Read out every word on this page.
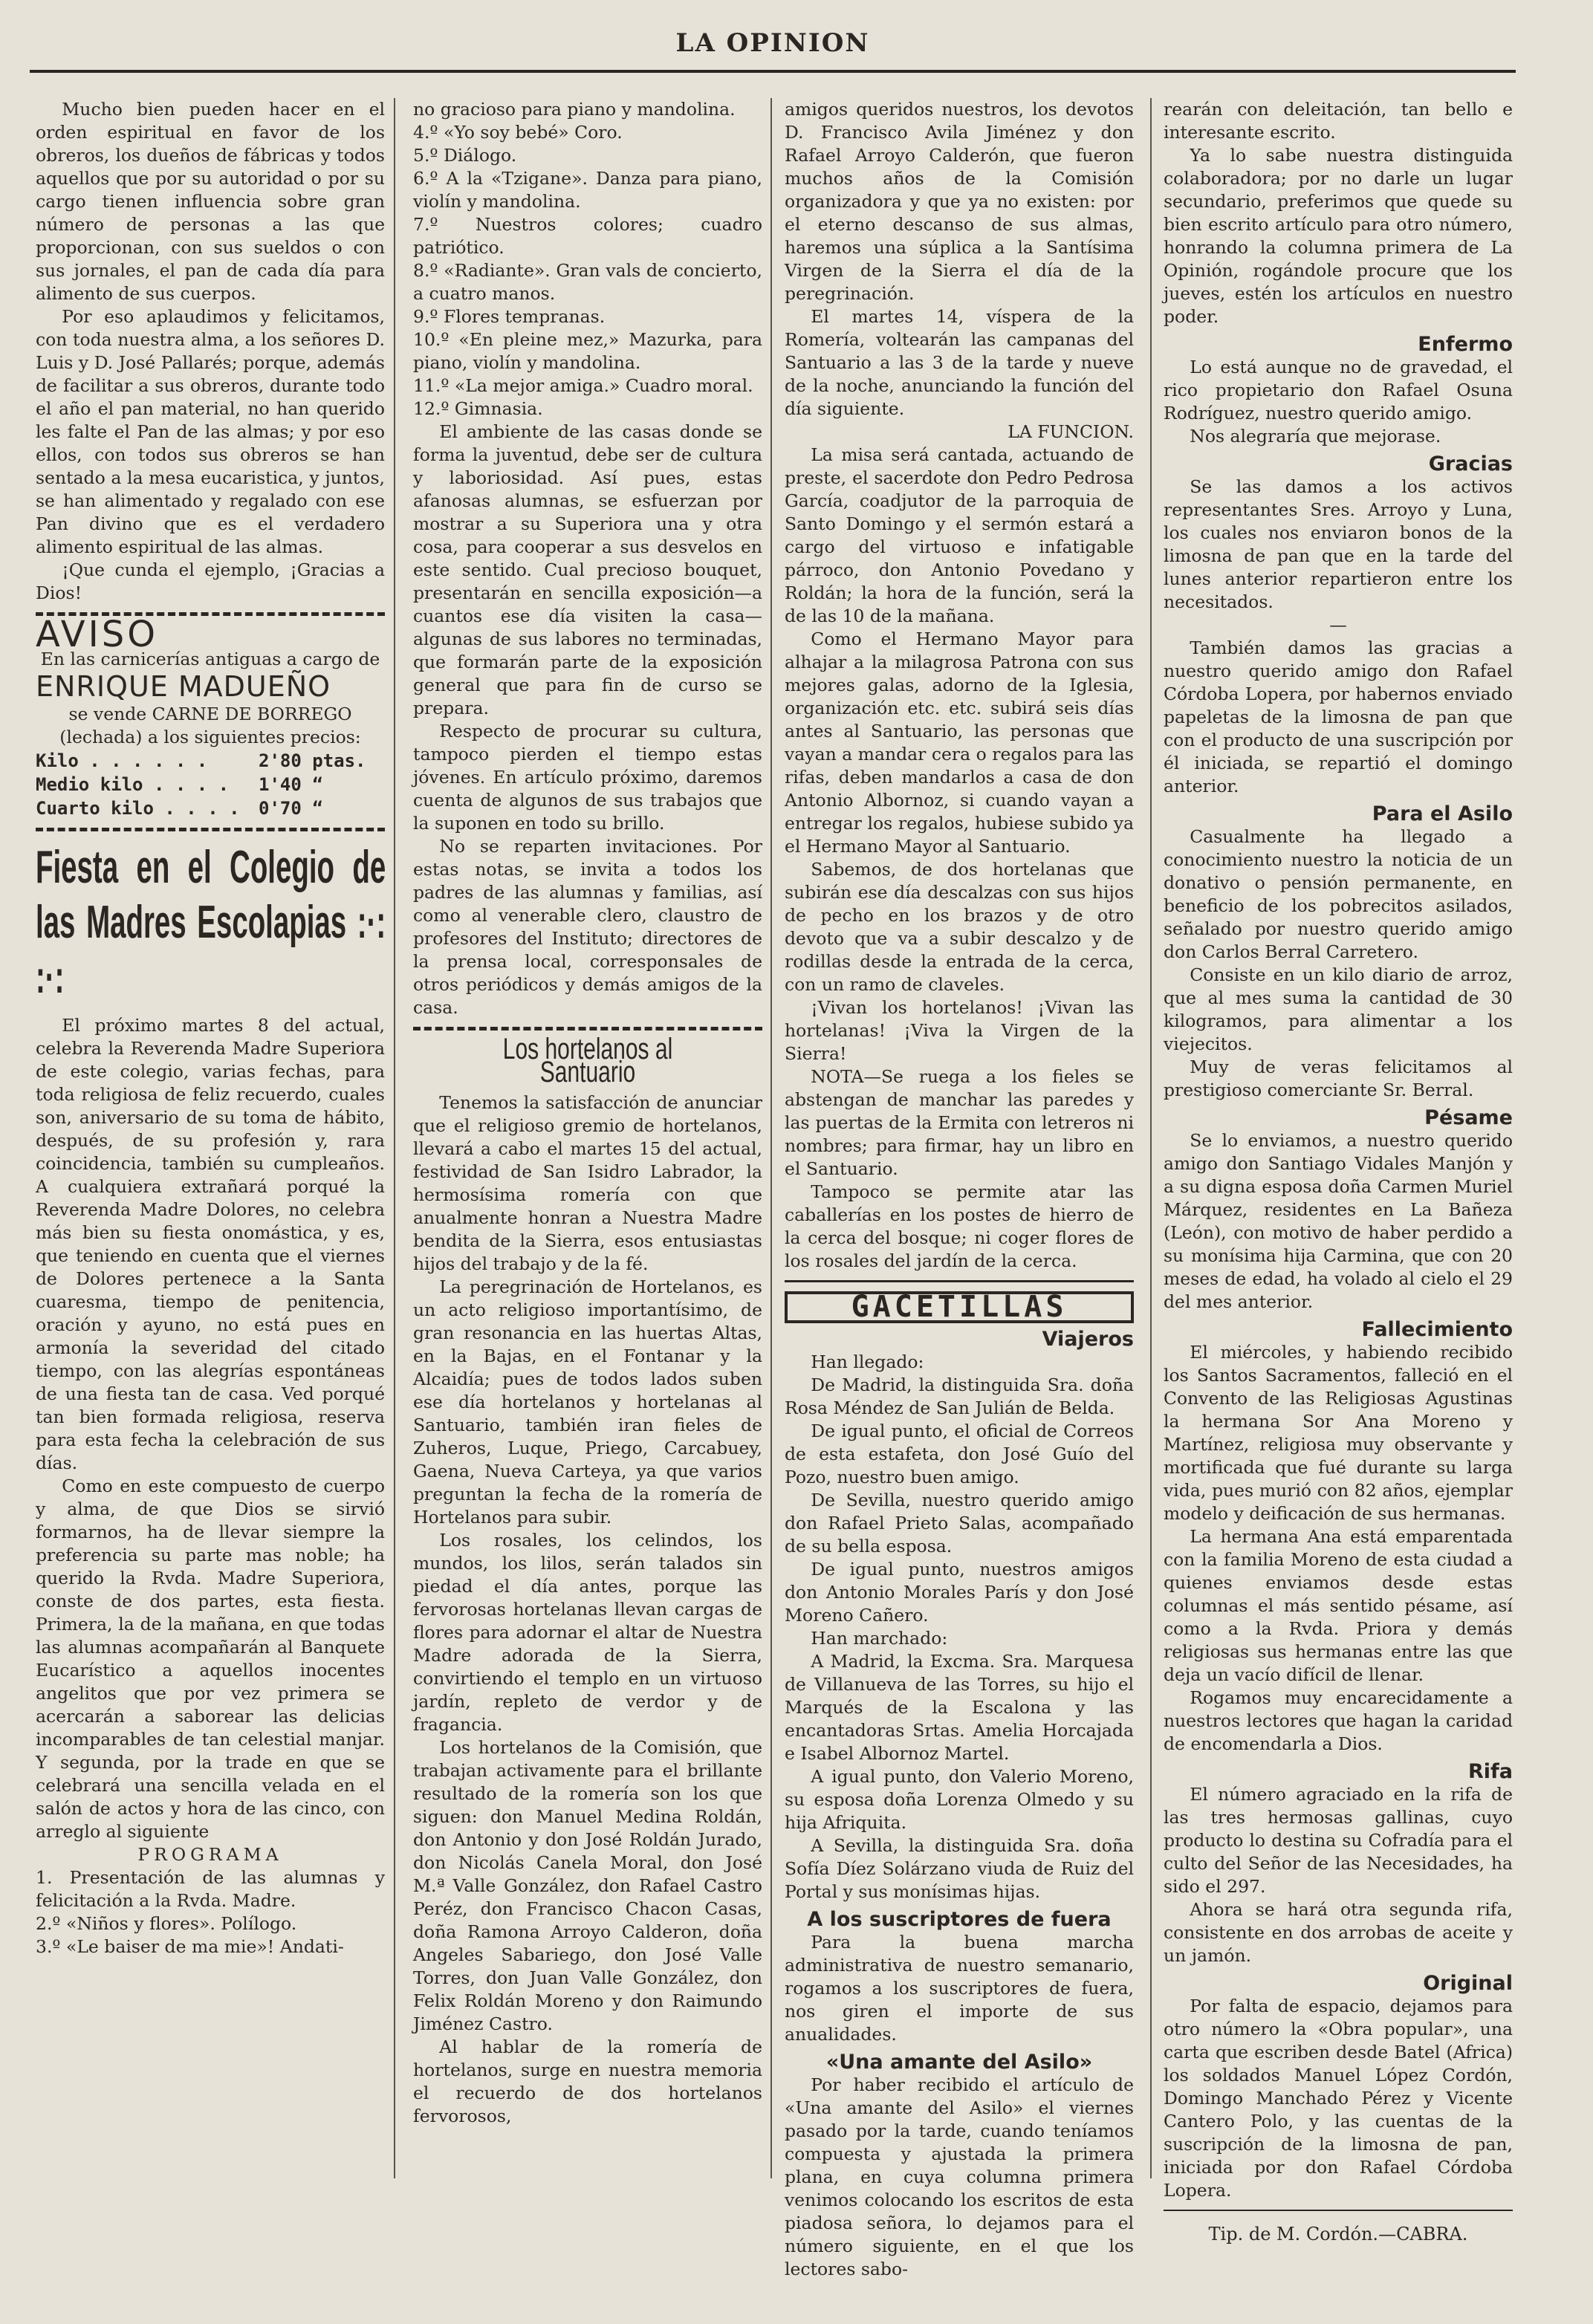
LA OPINION

Mucho bien pueden hacer en el orden espiritual en favor de los obreros, los dueños de fábricas y todos aquellos que por su autoridad o por su cargo tienen influencia sobre gran número de personas a las que proporcionan, con sus sueldos o con sus jornales, el pan de cada día para alimento de sus cuerpos.

Por eso aplaudimos y felicitamos, con toda nuestra alma, a los señores D. Luis y D. José Pallarés; porque, además de facilitar a sus obreros, durante todo el año el pan material, no han querido les falte el Pan de las almas; y por eso ellos, con todos sus obreros se han sentado a la mesa eucaristica, y juntos, se han alimentado y regalado con ese Pan divino que es el verdadero alimento espiritual de las almas.

¡Que cunda el ejemplo, ¡Gracias a Dios!

AVISO

En las carnicerías antiguas a cargo de

ENRIQUE MADUEÑO

se vende CARNE DE BORREGO (lechada) a los siguientes precios:

Kilo . . . . . .	2'80 ptas.
Medio kilo . . . . 1'40 “
Cuarto kilo . . . . 0'70 “
Fiesta en el Colegio de las Madres Escolapias :·: :·:

El próximo martes 8 del actual, celebra la Reverenda Madre Superiora de este colegio, varias fechas, para toda religiosa de feliz recuerdo, cuales son, aniversario de su toma de hábito, después, de su profesión y, rara coincidencia, también su cumpleaños. A cualquiera extrañará porqué la Reverenda Madre Dolores, no celebra más bien su fiesta onomástica, y es, que teniendo en cuenta que el viernes de Dolores pertenece a la Santa cuaresma, tiempo de penitencia, oración y ayuno, no está pues en armonía la severidad del citado tiempo, con las alegrías espontáneas de una fiesta tan de casa. Ved porqué tan bien formada religiosa, reserva para esta fecha la celebración de sus días.

Como en este compuesto de cuerpo y alma, de que Dios se sirvió formarnos, ha de llevar siempre la preferencia su parte mas noble; ha querido la Rvda. Madre Superiora, conste de dos partes, esta fiesta. Primera, la de la mañana, en que todas las alumnas acompañarán al Banquete Eucarístico a aquellos inocentes angelitos que por vez primera se acercarán a saborear las delicias incomparables de tan celestial manjar. Y segunda, por la trade en que se celebrará una sencilla velada en el salón de actos y hora de las cinco, con arreglo al siguiente

PROGRAMA

1. Presentación de las alumnas y felicitación a la Rvda. Madre.

2.º «Niños y flores». Polílogo.

3.º «Le baiser de ma mie»! Andati-

no gracioso para piano y mandolina.

4.º «Yo soy bebé» Coro.

5.º Diálogo.

6.º A la «Tzigane». Danza para piano, violín y mandolina.

7.º Nuestros colores; cuadro patriótico.

8.º «Radiante». Gran vals de concierto, a cuatro manos.

9.º Flores tempranas.

10.º «En pleine mez,» Mazurka, para piano, violín y mandolina.

11.º «La mejor amiga.» Cuadro moral.

12.º Gimnasia.

El ambiente de las casas donde se forma la juventud, debe ser de cultura y laboriosidad. Así pues, estas afanosas alumnas, se esfuerzan por mostrar a su Superiora una y otra cosa, para cooperar a sus desvelos en este sentido. Cual precioso bouquet, presentarán en sencilla exposición—a cuantos ese día visiten la casa—algunas de sus labores no terminadas, que formarán parte de la exposición general que para fin de curso se prepara.

Respecto de procurar su cultura, tampoco pierden el tiempo estas jóvenes. En artículo próximo, daremos cuenta de algunos de sus trabajos que la suponen en todo su brillo.

No se reparten invitaciones. Por estas notas, se invita a todos los padres de las alumnas y familias, así como al venerable clero, claustro de profesores del Instituto; directores de la prensa local, corresponsales de otros periódicos y demás amigos de la casa.

Los hortelanos al Santuario

Tenemos la satisfacción de anunciar que el religioso gremio de hortelanos, llevará a cabo el martes 15 del actual, festividad de San Isidro Labrador, la hermosísima romería con que anualmente honran a Nuestra Madre bendita de la Sierra, esos entusiastas hijos del trabajo y de la fé.

La peregrinación de Hortelanos, es un acto religioso importantísimo, de gran resonancia en las huertas Altas, en la Bajas, en el Fontanar y la Alcaidía; pues de todos lados suben ese día hortelanos y hortelanas al Santuario, también iran fieles de Zuheros, Luque, Priego, Carcabuey, Gaena, Nueva Carteya, ya que varios preguntan la fecha de la romería de Hortelanos para subir.

Los rosales, los celindos, los mundos, los lilos, serán talados sin piedad el día antes, porque las fervorosas hortelanas llevan cargas de flores para adornar el altar de Nuestra Madre adorada de la Sierra, convirtiendo el templo en un virtuoso jardín, repleto de verdor y de fragancia.

Los hortelanos de la Comisión, que trabajan activamente para el brillante resultado de la romería son los que siguen: don Manuel Medina Roldán, don Antonio y don José Roldán Jurado, don Nicolás Canela Moral, don José M.ª Valle González, don Rafael Castro Peréz, don Francisco Chacon Casas, doña Ramona Arroyo Calderon, doña Angeles Sabariego, don José Valle Torres, don Juan Valle González, don Felix Roldán Moreno y don Raimundo Jiménez Castro.

Al hablar de la romería de hortelanos, surge en nuestra memoria el recuerdo de dos hortelanos fervorosos,

amigos queridos nuestros, los devotos D. Francisco Avila Jiménez y don Rafael Arroyo Calderón, que fueron muchos años de la Comisión organizadora y que ya no existen: por el eterno descanso de sus almas, haremos una súplica a la Santísima Virgen de la Sierra el día de la peregrinación.

El martes 14, víspera de la Romería, voltearán las campanas del Santuario a las 3 de la tarde y nueve de la noche, anunciando la función del día siguiente.

LA FUNCION.

La misa será cantada, actuando de preste, el sacerdote don Pedro Pedrosa García, coadjutor de la parroquia de Santo Domingo y el sermón estará a cargo del virtuoso e infatigable párroco, don Antonio Povedano y Roldán; la hora de la función, será la de las 10 de la mañana.

Como el Hermano Mayor para alhajar a la milagrosa Patrona con sus mejores galas, adorno de la Iglesia, organización etc. etc. subirá seis días antes al Santuario, las personas que vayan a mandar cera o regalos para las rifas, deben mandarlos a casa de don Antonio Albornoz, si cuando vayan a entregar los regalos, hubiese subido ya el Hermano Mayor al Santuario.

Sabemos, de dos hortelanas que subirán ese día descalzas con sus hijos de pecho en los brazos y de otro devoto que va a subir descalzo y de rodillas desde la entrada de la cerca, con un ramo de claveles.

¡Vivan los hortelanos! ¡Vivan las hortelanas! ¡Viva la Virgen de la Sierra!

NOTA—Se ruega a los fieles se abstengan de manchar las paredes y las puertas de la Ermita con letreros ni nombres; para firmar, hay un libro en el Santuario.

Tampoco se permite atar las caballerías en los postes de hierro de la cerca del bosque; ni coger flores de los rosales del jardín de la cerca.

GACETILLAS
Viajeros

Han llegado:

De Madrid, la distinguida Sra. doña Rosa Méndez de San Julián de Belda.

De igual punto, el oficial de Correos de esta estafeta, don José Guío del Pozo, nuestro buen amigo.

De Sevilla, nuestro querido amigo don Rafael Prieto Salas, acompañado de su bella esposa.

De igual punto, nuestros amigos don Antonio Morales París y don José Moreno Cañero.

Han marchado:

A Madrid, la Excma. Sra. Marquesa de Villanueva de las Torres, su hijo el Marqués de la Escalona y las encantadoras Srtas. Amelia Horcajada e Isabel Albornoz Martel.

A igual punto, don Valerio Moreno, su esposa doña Lorenza Olmedo y su hija Afriquita.

A Sevilla, la distinguida Sra. doña Sofía Díez Solárzano viuda de Ruiz del Portal y sus monísimas hijas.

A los suscriptores de fuera

Para la buena marcha administrativa de nuestro semanario, rogamos a los suscriptores de fuera, nos giren el importe de sus anualidades.

«Una amante del Asilo»

Por haber recibido el artículo de «Una amante del Asilo» el viernes pasado por la tarde, cuando teníamos compuesta y ajustada la primera plana, en cuya columna primera venimos colocando los escritos de esta piadosa señora, lo dejamos para el número siguiente, en el que los lectores sabo-

rearán con deleitación, tan bello e interesante escrito.

Ya lo sabe nuestra distinguida colaboradora; por no darle un lugar secundario, preferimos que quede su bien escrito artículo para otro número, honrando la columna primera de La Opinión, rogándole procure que los jueves, estén los artículos en nuestro poder.

Enfermo

Lo está aunque no de gravedad, el rico propietario don Rafael Osuna Rodríguez, nuestro querido amigo.

Nos alegraría que mejorase.

Gracias

Se las damos a los activos representantes Sres. Arroyo y Luna, los cuales nos enviaron bonos de la limosna de pan que en la tarde del lunes anterior repartieron entre los necesitados.

—

También damos las gracias a nuestro querido amigo don Rafael Córdoba Lopera, por habernos enviado papeletas de la limosna de pan que con el producto de una suscripción por él iniciada, se repartió el domingo anterior.

Para el Asilo

Casualmente ha llegado a conocimiento nuestro la noticia de un donativo o pensión permanente, en beneficio de los pobrecitos asilados, señalado por nuestro querido amigo don Carlos Berral Carretero.

Consiste en un kilo diario de arroz, que al mes suma la cantidad de 30 kilogramos, para alimentar a los viejecitos.

Muy de veras felicitamos al prestigioso comerciante Sr. Berral.

Pésame

Se lo enviamos, a nuestro querido amigo don Santiago Vidales Manjón y a su digna esposa doña Carmen Muriel Márquez, residentes en La Bañeza (León), con motivo de haber perdido a su monísima hija Carmina, que con 20 meses de edad, ha volado al cielo el 29 del mes anterior.

Fallecimiento

El miércoles, y habiendo recibido los Santos Sacramentos, falleció en el Convento de las Religiosas Agustinas la hermana Sor Ana Moreno y Martínez, religiosa muy observante y mortificada que fué durante su larga vida, pues murió con 82 años, ejemplar modelo y deificación de sus hermanas.

La hermana Ana está emparentada con la familia Moreno de esta ciudad a quienes enviamos desde estas columnas el más sentido pésame, así como a la Rvda. Priora y demás religiosas sus hermanas entre las que deja un vacío difícil de llenar.

Rogamos muy encarecidamente a nuestros lectores que hagan la caridad de encomendarla a Dios.

Rifa

El número agraciado en la rifa de las tres hermosas gallinas, cuyo producto lo destina su Cofradía para el culto del Señor de las Necesidades, ha sido el 297.

Ahora se hará otra segunda rifa, consistente en dos arrobas de aceite y un jamón.

Original

Por falta de espacio, dejamos para otro número la «Obra popular», una carta que escriben desde Batel (Africa) los soldados Manuel López Cordón, Domingo Manchado Pérez y Vicente Cantero Polo, y las cuentas de la suscripción de la limosna de pan, iniciada por don Rafael Córdoba Lopera.

Tip. de M. Cordón.—CABRA.
